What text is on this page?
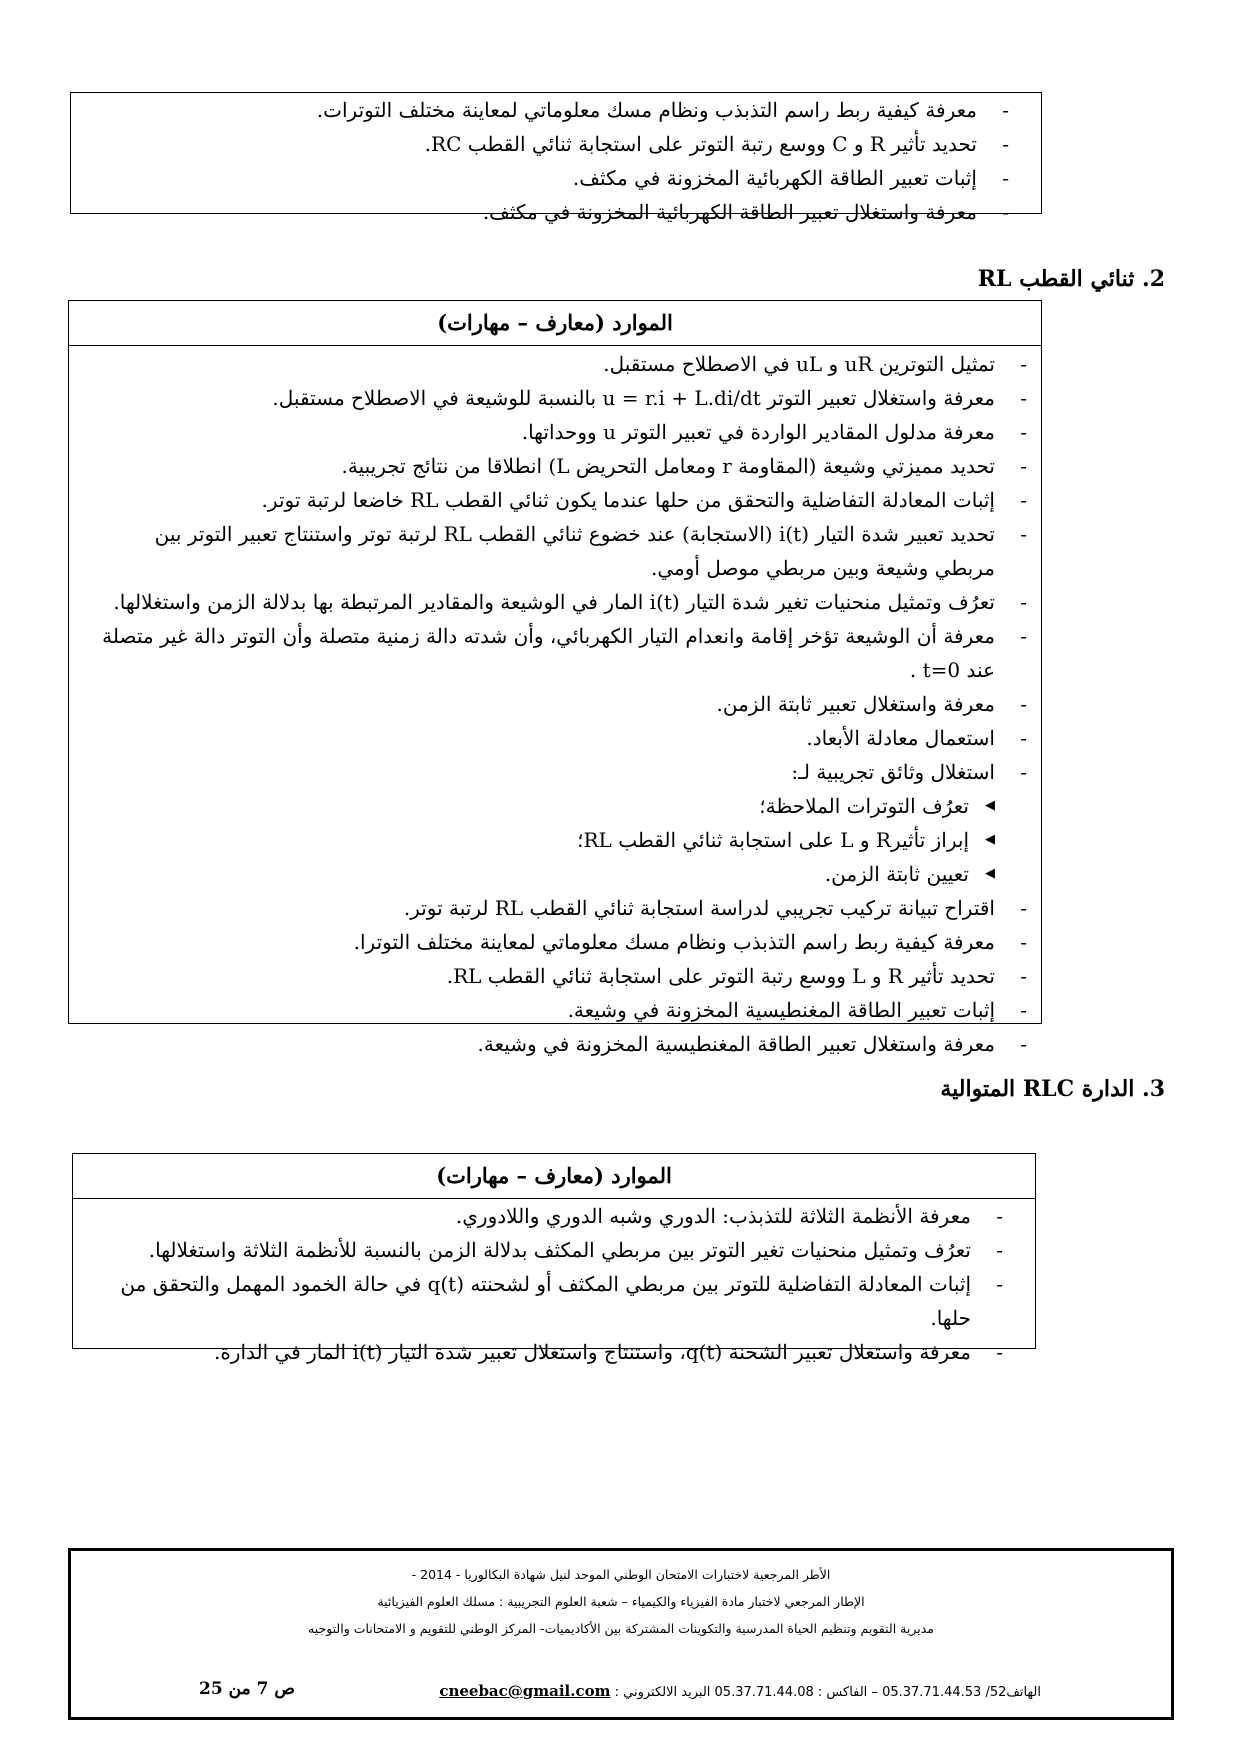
- معرفة كيفية ربط راسم التذبذب ونظام مسك معلوماتي لمعاينة مختلف التوترات.
- تحديد تأثير R و C ووسع رتبة التوتر على استجابة ثنائي القطب RC.
- إثبات تعبير الطاقة الكهربائية المخزونة في مكثف.
- معرفة واستغلال تعبير الطاقة الكهربائية المخزونة في مكثف.
2. ثنائي القطب RL
الموارد (معارف – مهارات)
- تمثيل التوترين uR و uL في الاصطلاح مستقبل.
- معرفة واستغلال تعبير التوتر u = r.i + L.di/dt بالنسبة للوشيعة في الاصطلاح مستقبل.
- معرفة مدلول المقادير الواردة في تعبير التوتر u ووحداتها.
- تحديد مميزتي وشيعة (المقاومة r ومعامل التحريض L) انطلاقا من نتائج تجريبية.
- إثبات المعادلة التفاضلية والتحقق من حلها عندما يكون ثنائي القطب RL خاضعا لرتبة توتر.
- تحديد تعبير شدة التيار i(t) (الاستجابة) عند خضوع ثنائي القطب RL لرتبة توتر واستنتاج تعبير التوتر بين مربطي وشيعة وبين مربطي موصل أومي.
- تعرُف وتمثيل منحنيات تغير شدة التيار i(t) المار في الوشيعة والمقادير المرتبطة بها بدلالة الزمن واستغلالها.
- معرفة أن الوشيعة تؤخر إقامة وانعدام التيار الكهربائي، وأن شدته دالة زمنية متصلة وأن التوتر دالة غير متصلة عند t=0 .
- معرفة واستغلال تعبير ثابتة الزمن.
- استعمال معادلة الأبعاد.
- استغلال وثائق تجريبية لـ:
◀ تعرُف التوترات الملاحظة؛
◀ إبراز تأثيرR و L على استجابة ثنائي القطب RL؛
◀ تعيين ثابتة الزمن.
- اقتراح تبيانة تركيب تجريبي لدراسة استجابة ثنائي القطب RL لرتبة توتر.
- معرفة كيفية ربط راسم التذبذب ونظام مسك معلوماتي لمعاينة مختلف التوترا.
- تحديد تأثير R و L ووسع رتبة التوتر على استجابة ثنائي القطب RL.
- إثبات تعبير الطاقة المغنطيسية المخزونة في وشيعة.
- معرفة واستغلال تعبير الطاقة المغنطيسية المخزونة في وشيعة.
3. الدارة RLC المتوالية
الموارد (معارف – مهارات)
- معرفة الأنظمة الثلاثة للتذبذب: الدوري وشبه الدوري واللادوري.
- تعرُف وتمثيل منحنيات تغير التوتر بين مربطي المكثف بدلالة الزمن بالنسبة للأنظمة الثلاثة واستغلالها.
- إثبات المعادلة التفاضلية للتوتر بين مربطي المكثف أو لشحنته q(t) في حالة الخمود المهمل والتحقق من حلها.
- معرفة واستغلال تعبير الشحنة q(t)، واستنتاج واستغلال تعبير شدة التيار i(t) المار في الدارة.
الأطر المرجعية لاختبارات الامتحان الوطني الموحد لنيل شهادة البكالوريا - 2014 -
الإطار المرجعي لاختبار مادة الفيزياء والكيمياء – شعبة العلوم التجريبية : مسلك العلوم الفيزيائية
مديرية التقويم وتنظيم الحياة المدرسية والتكوينات المشتركة بين الأكاديميات- المركز الوطني للتقويم و الامتحانات والتوجيه
الهاتف52/ 05.37.71.44.53 – الفاكس : 05.37.71.44.08 البريد الالكتروني : cneebac@gmail.com
ص 7 من 25
